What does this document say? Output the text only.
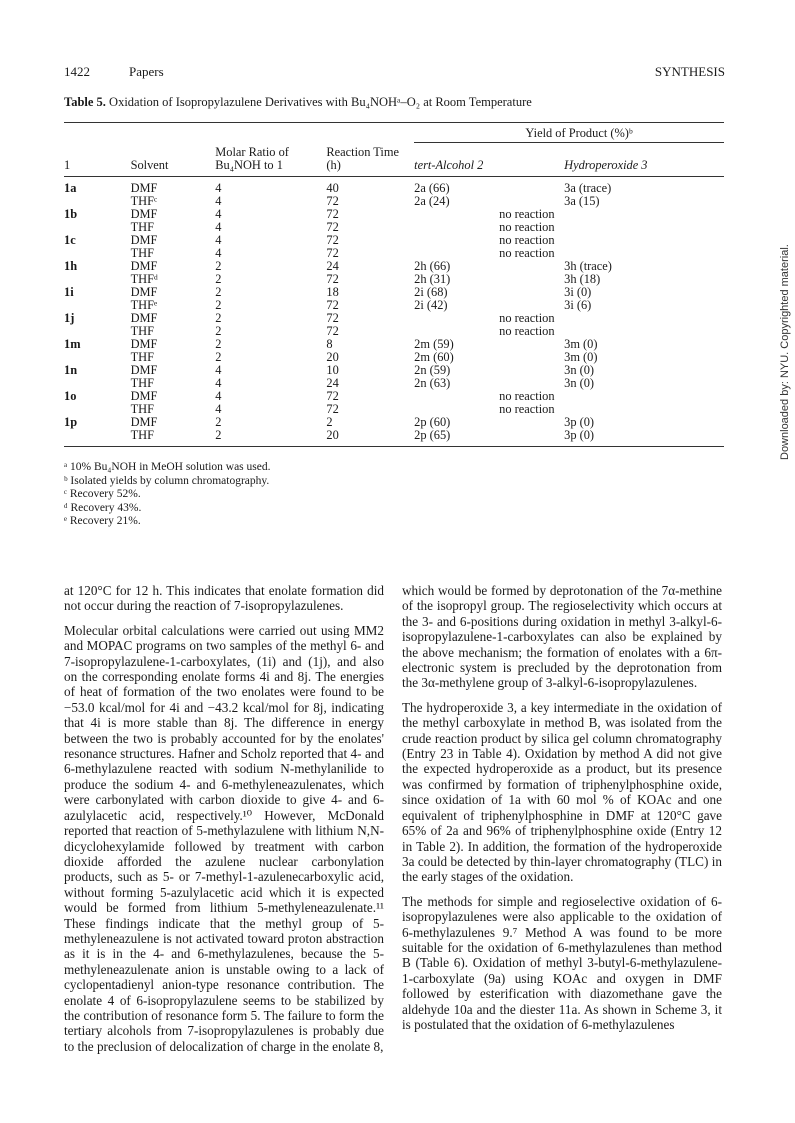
1422	Papers	SYNTHESIS
Table 5. Oxidation of Isopropylazulene Derivatives with Bu₄NOHᵃ–O₂ at Room Temperature

				Yield of Product (%)ᵇ	
1	Solvent	Molar Ratio of Bu₄NOH to 1	Reaction Time (h)	tert-Alcohol 2	Hydroperoxide 3

1a	DMF	4	40	2a (66)	3a (trace)
	THFᶜ	4	72	2a (24)	3a (15)
1b	DMF	4	72	no reaction	
	THF	4	72	no reaction	
1c	DMF	4	72	no reaction	
	THF	4	72	no reaction	
1h	DMF	2	24	2h (66)	3h (trace)
	THFᵈ	2	72	2h (31)	3h (18)
1i	DMF	2	18	2i (68)	3i (0)
	THFᵉ	2	72	2i (42)	3i (6)
1j	DMF	2	72	no reaction	
	THF	2	72	no reaction	
1m	DMF	2	8	2m (59)	3m (0)
	THF	2	20	2m (60)	3m (0)
1n	DMF	4	10	2n (59)	3n (0)
	THF	4	24	2n (63)	3n (0)
1o	DMF	4	72	no reaction	
	THF	4	72	no reaction	
1p	DMF	2	2	2p (60)	3p (0)
	THF	2	20	2p (65)	3p (0)

ᵃ 10% Bu₄NOH in MeOH solution was used.
ᵇ Isolated yields by column chromatography.
ᶜ Recovery 52%.
ᵈ Recovery 43%.
ᵉ Recovery 21%.

at 120°C for 12 h. This indicates that enolate formation did not occur during the reaction of 7-isopropylazulenes.

Molecular orbital calculations were carried out using MM2 and MOPAC programs on two samples of the methyl 6- and 7-isopropylazulene-1-carboxylates, (1i) and (1j), and also on the corresponding enolate forms 4i and 8j. The energies of heat of formation of the two enolates were found to be −53.0 kcal/mol for 4i and −43.2 kcal/mol for 8j, indicating that 4i is more stable than 8j. The difference in energy between the two is probably accounted for by the enolates' resonance structures. Hafner and Scholz reported that 4- and 6-methylazulene reacted with sodium N-methylanilide to produce the sodium 4- and 6-methyleneazulenates, which were carbonylated with carbon dioxide to give 4- and 6-azulylacetic acid, respectively.¹⁰ However, McDonald reported that reaction of 5-methylazulene with lithium N,N-dicyclohexylamide followed by treatment with carbon dioxide afforded the azulene nuclear carbonylation products, such as 5- or 7-methyl-1-azulenecarboxylic acid, without forming 5-azulylacetic acid which it is expected would be formed from lithium 5-methyleneazulenate.¹¹ These findings indicate that the methyl group of 5-methyleneazulene is not activated toward proton abstraction as it is in the 4- and 6-methylazulenes, because the 5-methyleneazulenate anion is unstable owing to a lack of cyclopentadienyl anion-type resonance contribution. The enolate 4 of 6-isopropylazulene seems to be stabilized by the contribution of resonance form 5. The failure to form the tertiary alcohols from 7-isopropylazulenes is probably due to the preclusion of delocalization of charge in the enolate 8,

which would be formed by deprotonation of the 7α-methine of the isopropyl group. The regioselectivity which occurs at the 3- and 6-positions during oxidation in methyl 3-alkyl-6-isopropylazulene-1-carboxylates can also be explained by the above mechanism; the formation of enolates with a 6π-electronic system is precluded by the deprotonation from the 3α-methylene group of 3-alkyl-6-isopropylazulenes.

The hydroperoxide 3, a key intermediate in the oxidation of the methyl carboxylate in method B, was isolated from the crude reaction product by silica gel column chromatography (Entry 23 in Table 4). Oxidation by method A did not give the expected hydroperoxide as a product, but its presence was confirmed by formation of triphenylphosphine oxide, since oxidation of 1a with 60 mol % of KOAc and one equivalent of triphenylphosphine in DMF at 120°C gave 65% of 2a and 96% of triphenylphosphine oxide (Entry 12 in Table 2). In addition, the formation of the hydroperoxide 3a could be detected by thin-layer chromatography (TLC) in the early stages of the oxidation.

The methods for simple and regioselective oxidation of 6-isopropylazulenes were also applicable to the oxidation of 6-methylazulenes 9.⁷ Method A was found to be more suitable for the oxidation of 6-methylazulenes than method B (Table 6). Oxidation of methyl 3-butyl-6-methylazulene-1-carboxylate (9a) using KOAc and oxygen in DMF followed by esterification with diazomethane gave the aldehyde 10a and the diester 11a. As shown in Scheme 3, it is postulated that the oxidation of 6-methylazulenes

Downloaded by: NYU. Copyrighted material.
